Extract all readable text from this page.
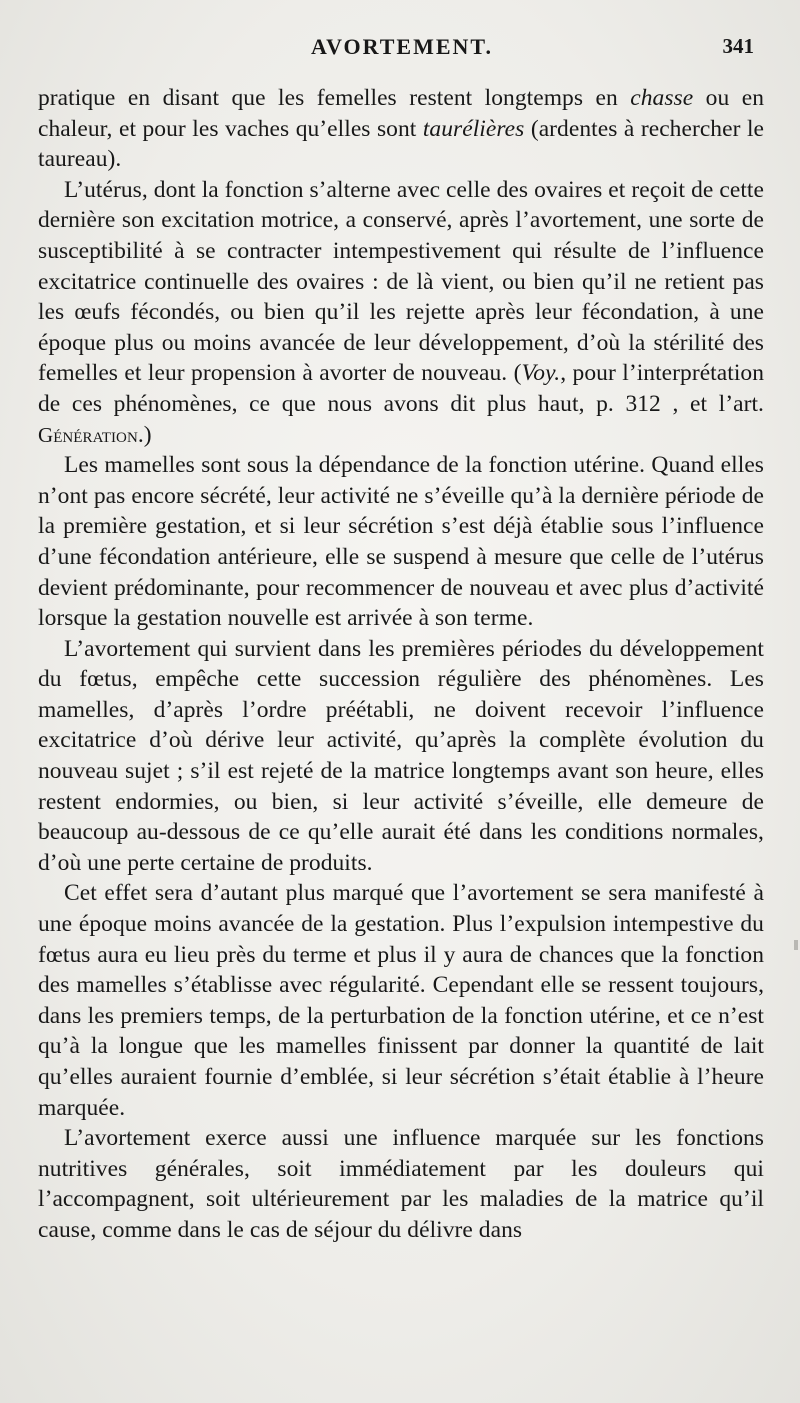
AVORTEMENT.	341

pratique en disant que les femelles restent longtemps en chasse ou en chaleur, et pour les vaches qu’elles sont taurélières (ardentes à rechercher le taureau).

L’utérus, dont la fonction s’alterne avec celle des ovaires et reçoit de cette dernière son excitation motrice, a conservé, après l’avortement, une sorte de susceptibilité à se contracter intempestivement qui résulte de l’influence excitatrice continuelle des ovaires : de là vient, ou bien qu’il ne retient pas les œufs fécondés, ou bien qu’il les rejette après leur fécondation, à une époque plus ou moins avancée de leur développement, d’où la stérilité des femelles et leur propension à avorter de nouveau. (Voy., pour l’interprétation de ces phénomènes, ce que nous avons dit plus haut, p. 312 , et l’art. Génération.)

Les mamelles sont sous la dépendance de la fonction utérine. Quand elles n’ont pas encore sécrété, leur activité ne s’éveille qu’à la dernière période de la première gestation, et si leur sécrétion s’est déjà établie sous l’influence d’une fécondation antérieure, elle se suspend à mesure que celle de l’utérus devient prédominante, pour recommencer de nouveau et avec plus d’activité lorsque la gestation nouvelle est arrivée à son terme.

L’avortement qui survient dans les premières périodes du développement du fœtus, empêche cette succession régulière des phénomènes. Les mamelles, d’après l’ordre préétabli, ne doivent recevoir l’influence excitatrice d’où dérive leur activité, qu’après la complète évolution du nouveau sujet ; s’il est rejeté de la matrice longtemps avant son heure, elles restent endormies, ou bien, si leur activité s’éveille, elle demeure de beaucoup au-dessous de ce qu’elle aurait été dans les conditions normales, d’où une perte certaine de produits.

Cet effet sera d’autant plus marqué que l’avortement se sera manifesté à une époque moins avancée de la gestation. Plus l’expulsion intempestive du fœtus aura eu lieu près du terme et plus il y aura de chances que la fonction des mamelles s’établisse avec régularité. Cependant elle se ressent toujours, dans les premiers temps, de la perturbation de la fonction utérine, et ce n’est qu’à la longue que les mamelles finissent par donner la quantité de lait qu’elles auraient fournie d’emblée, si leur sécrétion s’était établie à l’heure marquée.

L’avortement exerce aussi une influence marquée sur les fonctions nutritives générales, soit immédiatement par les douleurs qui l’accompagnent, soit ultérieurement par les maladies de la matrice qu’il cause, comme dans le cas de séjour du délivre dans
